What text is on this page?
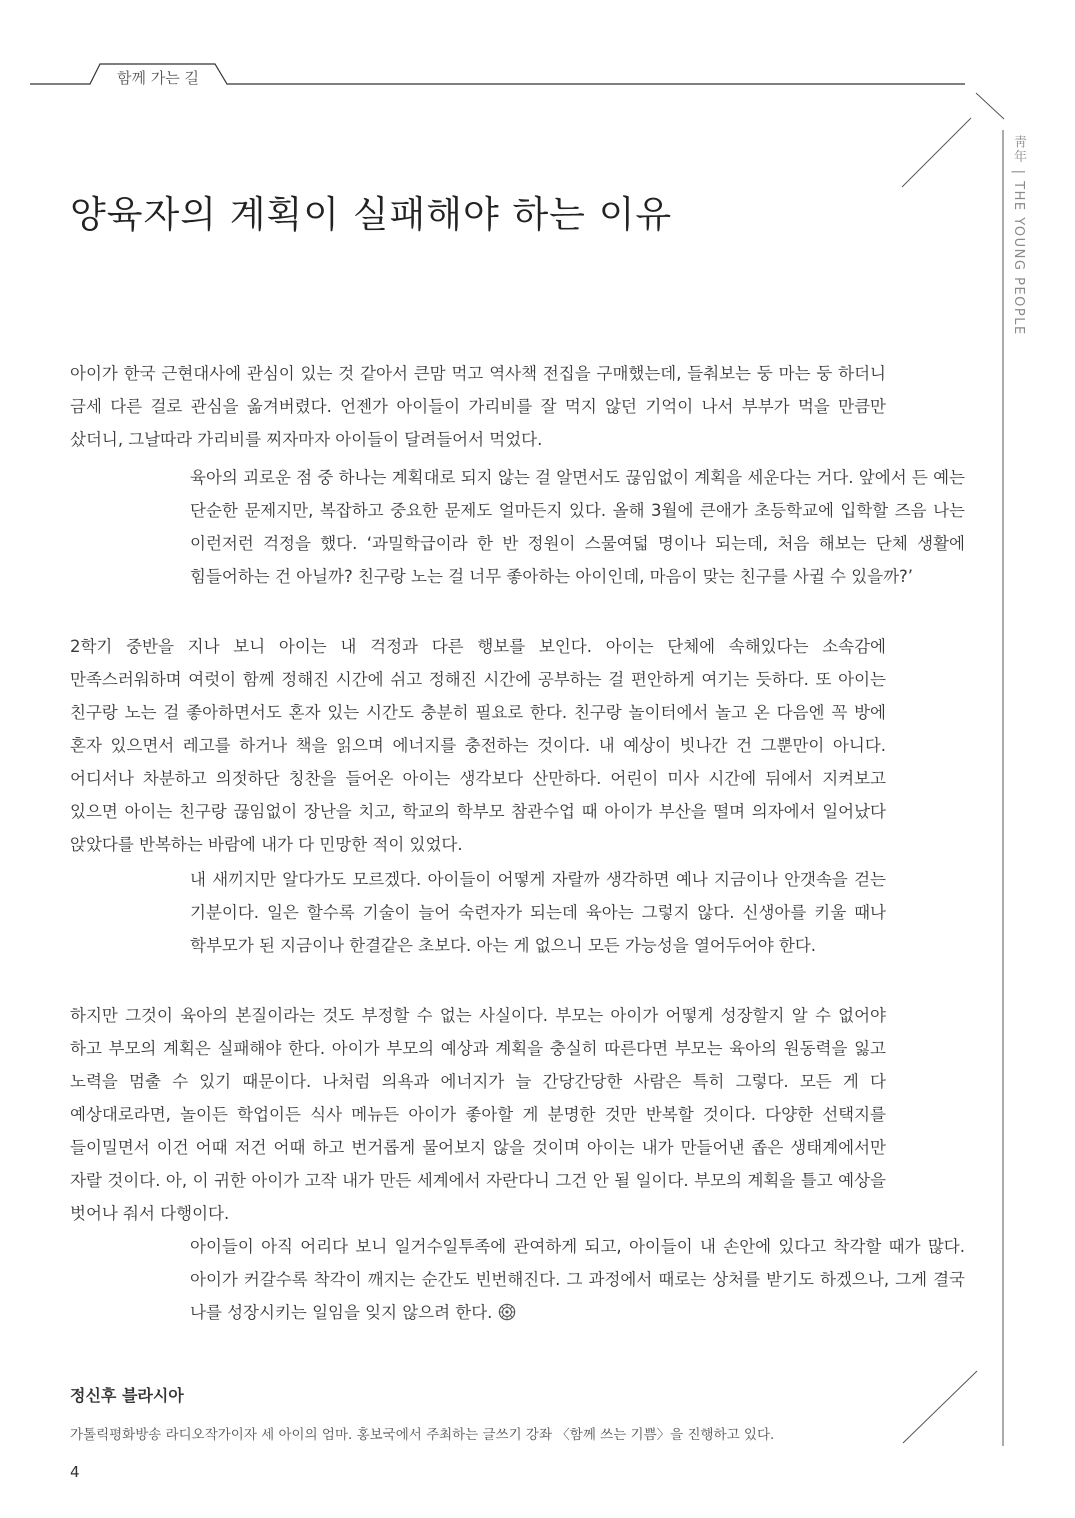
함께 가는 길
靑年 | THE YOUNG PEOPLE
양육자의 계획이 실패해야 하는 이유

아이가 한국 근현대사에 관심이 있는 것 같아서 큰맘 먹고 역사책 전집을 구매했는데, 들춰보는 둥 마는 둥 하더니 금세 다른 걸로 관심을 옮겨버렸다. 언젠가 아이들이 가리비를 잘 먹지 않던 기억이 나서 부부가 먹을 만큼만 샀더니, 그날따라 가리비를 찌자마자 아이들이 달려들어서 먹었다.

육아의 괴로운 점 중 하나는 계획대로 되지 않는 걸 알면서도 끊임없이 계획을 세운다는 거다. 앞에서 든 예는 단순한 문제지만, 복잡하고 중요한 문제도 얼마든지 있다. 올해 3월에 큰애가 초등학교에 입학할 즈음 나는 이런저런 걱정을 했다. ‘과밀학급이라 한 반 정원이 스물여덟 명이나 되는데, 처음 해보는 단체 생활에 힘들어하는 건 아닐까? 친구랑 노는 걸 너무 좋아하는 아이인데, 마음이 맞는 친구를 사귈 수 있을까?’

2학기 중반을 지나 보니 아이는 내 걱정과 다른 행보를 보인다. 아이는 단체에 속해있다는 소속감에 만족스러워하며 여럿이 함께 정해진 시간에 쉬고 정해진 시간에 공부하는 걸 편안하게 여기는 듯하다. 또 아이는 친구랑 노는 걸 좋아하면서도 혼자 있는 시간도 충분히 필요로 한다. 친구랑 놀이터에서 놀고 온 다음엔 꼭 방에 혼자 있으면서 레고를 하거나 책을 읽으며 에너지를 충전하는 것이다. 내 예상이 빗나간 건 그뿐만이 아니다. 어디서나 차분하고 의젓하단 칭찬을 들어온 아이는 생각보다 산만하다. 어린이 미사 시간에 뒤에서 지켜보고 있으면 아이는 친구랑 끊임없이 장난을 치고, 학교의 학부모 참관수업 때 아이가 부산을 떨며 의자에서 일어났다 앉았다를 반복하는 바람에 내가 다 민망한 적이 있었다.

내 새끼지만 알다가도 모르겠다. 아이들이 어떻게 자랄까 생각하면 예나 지금이나 안갯속을 걷는 기분이다. 일은 할수록 기술이 늘어 숙련자가 되는데 육아는 그렇지 않다. 신생아를 키울 때나 학부모가 된 지금이나 한결같은 초보다. 아는 게 없으니 모든 가능성을 열어두어야 한다.

하지만 그것이 육아의 본질이라는 것도 부정할 수 없는 사실이다. 부모는 아이가 어떻게 성장할지 알 수 없어야 하고 부모의 계획은 실패해야 한다. 아이가 부모의 예상과 계획을 충실히 따른다면 부모는 육아의 원동력을 잃고 노력을 멈출 수 있기 때문이다. 나처럼 의욕과 에너지가 늘 간당간당한 사람은 특히 그렇다. 모든 게 다 예상대로라면, 놀이든 학업이든 식사 메뉴든 아이가 좋아할 게 분명한 것만 반복할 것이다. 다양한 선택지를 들이밀면서 이건 어때 저건 어때 하고 번거롭게 물어보지 않을 것이며 아이는 내가 만들어낸 좁은 생태계에서만 자랄 것이다. 아, 이 귀한 아이가 고작 내가 만든 세계에서 자란다니 그건 안 될 일이다. 부모의 계획을 틀고 예상을 벗어나 줘서 다행이다.

아이들이 아직 어리다 보니 일거수일투족에 관여하게 되고, 아이들이 내 손안에 있다고 착각할 때가 많다. 아이가 커갈수록 착각이 깨지는 순간도 빈번해진다. 그 과정에서 때로는 상처를 받기도 하겠으나, 그게 결국 나를 성장시키는 일임을 잊지 않으려 한다.

정신후 블라시아
가톨릭평화방송 라디오작가이자 세 아이의 엄마. 홍보국에서 주최하는 글쓰기 강좌 〈함께 쓰는 기쁨〉을 진행하고 있다.
4
